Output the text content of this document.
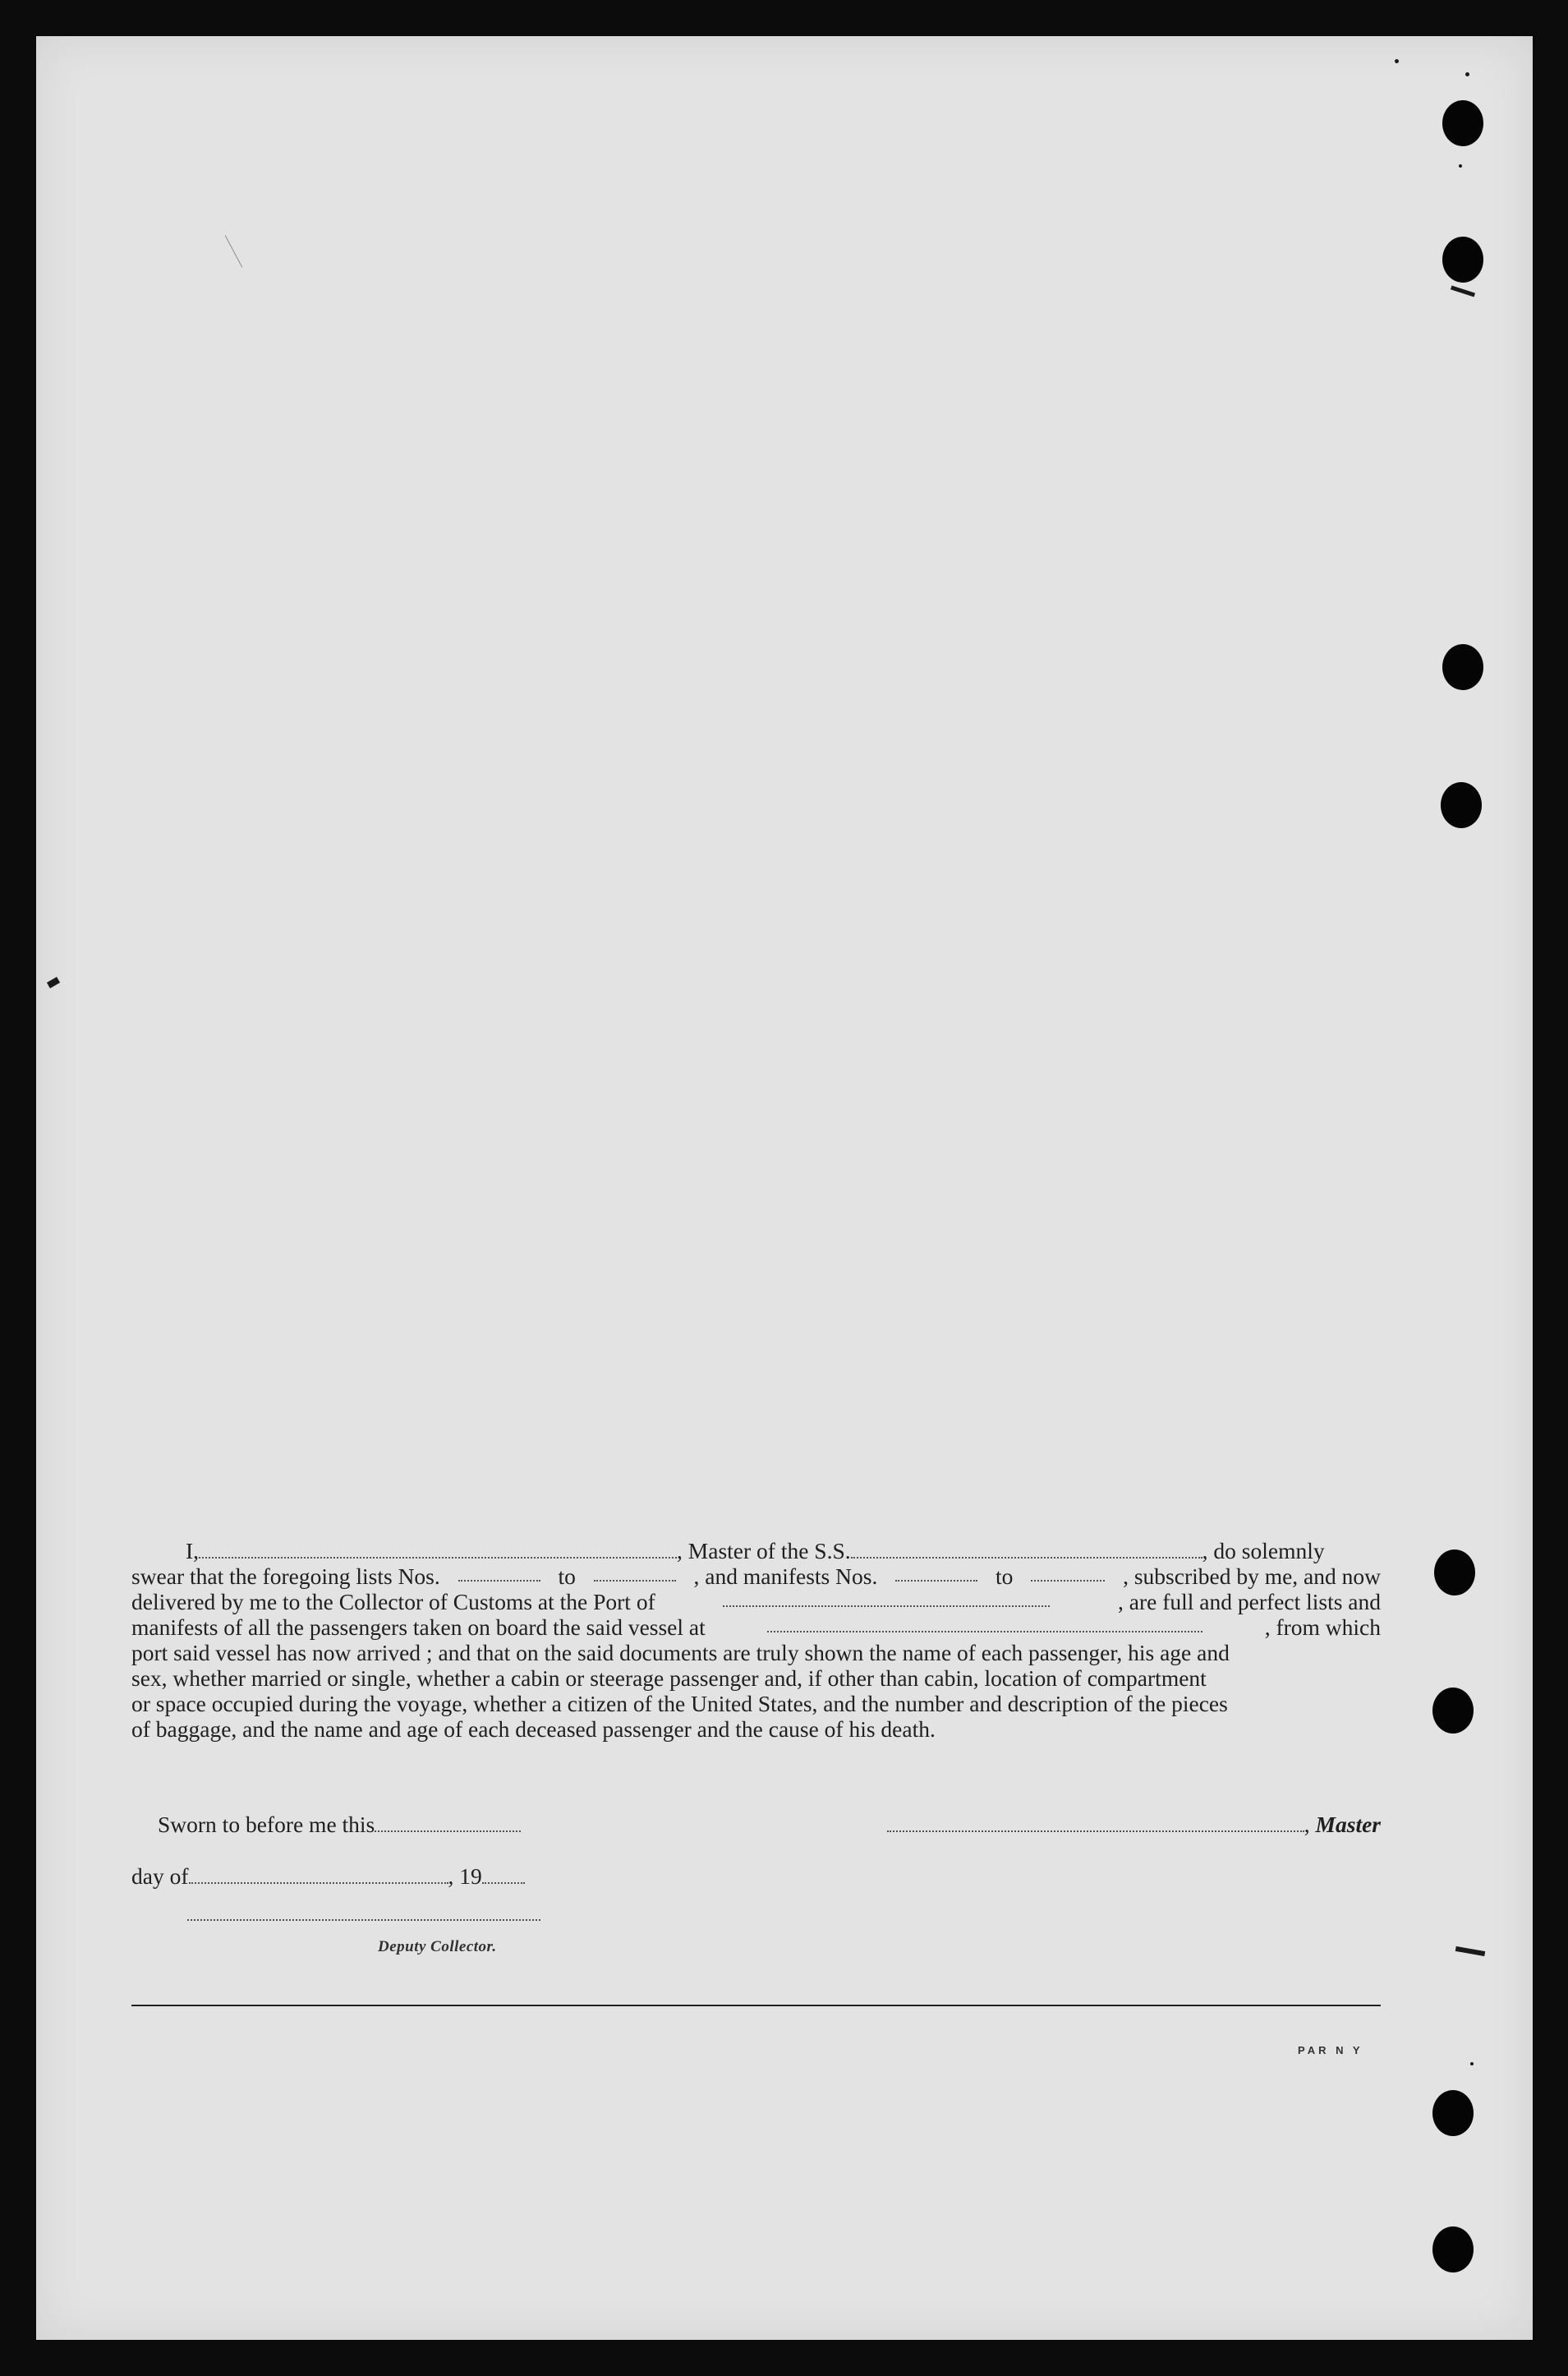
I,	, Master of the S.S.	, do solemnly
swear that the foregoing lists Nos.	to	, and manifests Nos.	to	, subscribed by me, and now
delivered by me to the Collector of Customs at the Port of	, are full and perfect lists and
manifests of all the passengers taken on board the said vessel at	, from which
port said vessel has now arrived ; and that on the said documents are truly shown the name of each passenger, his age and
sex, whether married or single, whether a cabin or steerage passenger and, if other than cabin, location of compartment
or space occupied during the voyage, whether a citizen of the United States, and the number and description of the pieces
of baggage, and the name and age of each deceased passenger and the cause of his death.
Sworn to before me this	, Master
day of	, 19
Deputy Collector.
PAR N Y
